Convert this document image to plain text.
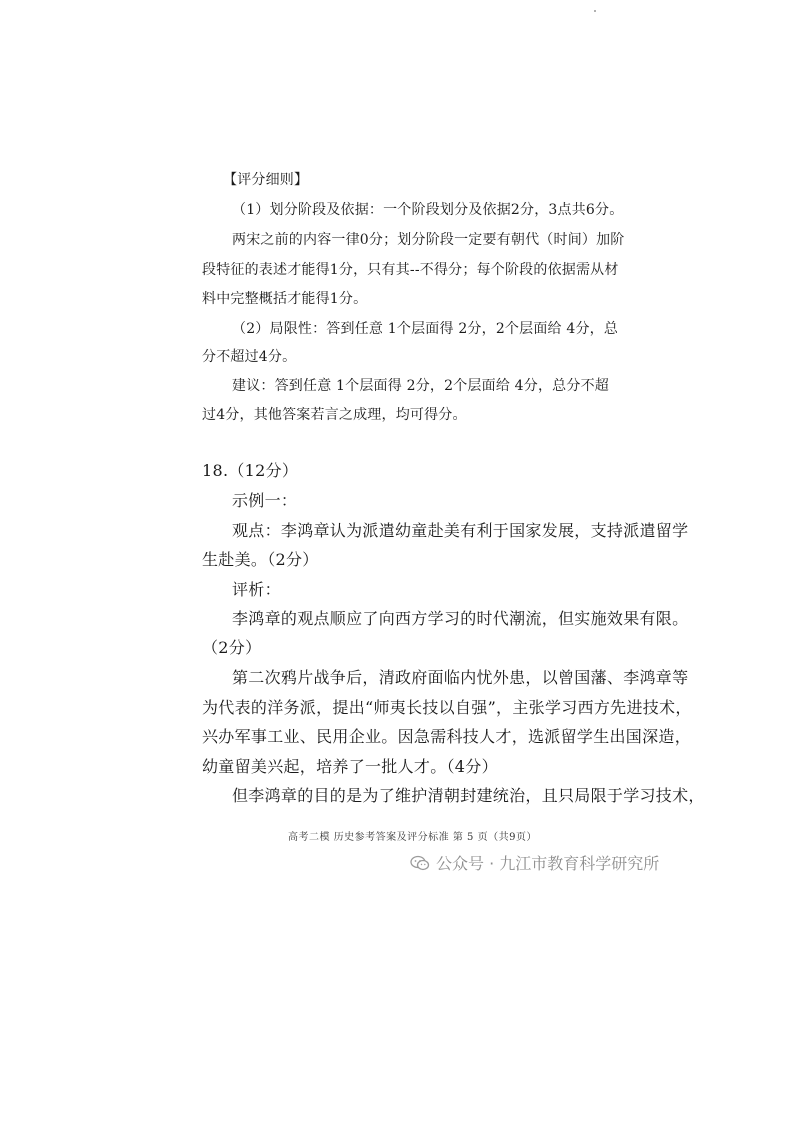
【评分细则】
（1）划分阶段及依据：一个阶段划分及依据2分，3点共6分。
两宋之前的内容一律0分；划分阶段一定要有朝代（时间）加阶
段特征的表述才能得1分，只有其--不得分；每个阶段的依据需从材
料中完整概括才能得1分。
（2）局限性：答到任意 1个层面得 2分，2个层面给 4分，总
分不超过4分。
建议：答到任意 1个层面得 2分，2个层面给 4分，总分不超
过4分，其他答案若言之成理，均可得分。
18.（12分）
示例一：
观点：李鸿章认为派遣幼童赴美有利于国家发展，支持派遣留学
生赴美。（2分）
评析：
李鸿章的观点顺应了向西方学习的时代潮流，但实施效果有限。
（2分）
第二次鸦片战争后，清政府面临内忧外患，以曾国藩、李鸿章等
为代表的洋务派，提出“师夷长技以自强”，主张学习西方先进技术，
兴办军事工业、民用企业。因急需科技人才，选派留学生出国深造，
幼童留美兴起，培养了一批人才。（4分）
但李鸿章的目的是为了维护清朝封建统治，且只局限于学习技术，
高考二模 历史参考答案及评分标准 第 5 页（共9页）
公众号 · 九江市教育科学研究所
